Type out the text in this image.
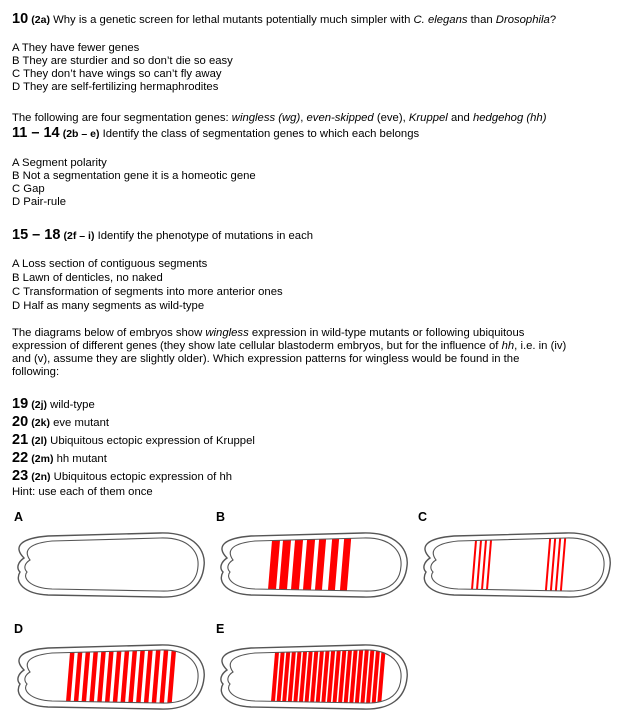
10 (2a) Why is a genetic screen for lethal mutants potentially much simpler with C. elegans than Drosophila?
A They have fewer genes
B They are sturdier and so don’t die so easy
C They don’t have wings so can’t fly away
D They are self-fertilizing hermaphrodites
The following are four segmentation genes: wingless (wg), even-skipped (eve), Kruppel and hedgehog (hh)
11 – 14 (2b – e) Identify the class of segmentation genes to which each belongs
A Segment polarity
B Not a segmentation gene it is a homeotic gene
C Gap
D Pair-rule
15 – 18 (2f – i) Identify the phenotype of mutations in each
A Loss section of contiguous segments
B Lawn of denticles, no naked
C Transformation of segments into more anterior ones
D Half as many segments as wild-type
The diagrams below of embryos show wingless expression in wild-type mutants or following ubiquitous
expression of different genes (they show late cellular blastoderm embryos, but for the influence of hh, i.e. in (iv)
and (v), assume they are slightly older). Which expression patterns for wingless would be found in the
following:
19 (2j) wild-type
20 (2k) eve mutant
21 (2l) Ubiquitous ectopic expression of Kruppel
22 (2m) hh mutant
23 (2n) Ubiquitous ectopic expression of hh
Hint: use each of them once
A	B	C
D	E
